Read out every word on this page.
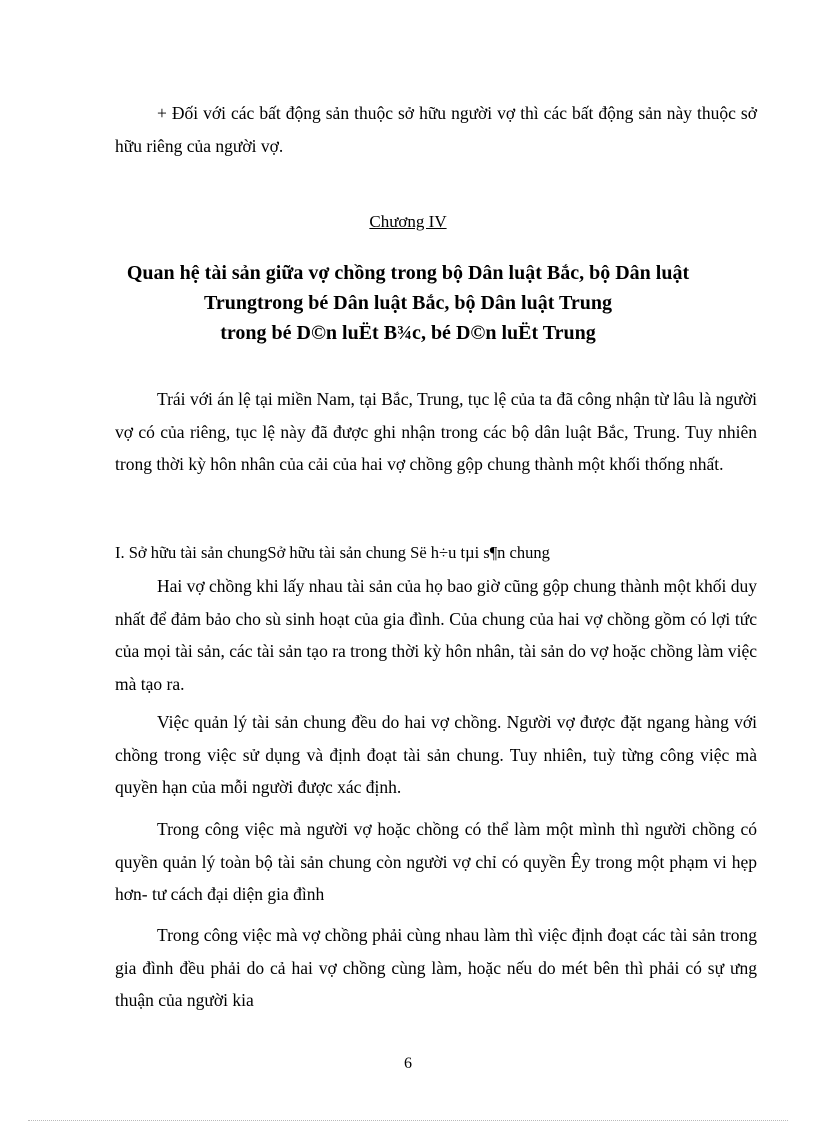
+ Đối với các bất động sản thuộc sở hữu người vợ thì các bất động sản này thuộc sở hữu riêng của người vợ.

Chương IV

Quan hệ tài sản giữa vợ chồng trong bộ Dân luật Bắc, bộ Dân luật
Trungtrong bé Dân luật Bắc, bộ Dân luật Trung
trong bé D©n luËt B¾c, bé D©n luËt Trung

Trái với án lệ tại miền Nam, tại Bắc, Trung, tục lệ của ta đã công nhận từ lâu là người vợ có của riêng, tục lệ này đã được ghi nhận trong các bộ dân luật Bắc, Trung. Tuy nhiên trong thời kỳ hôn nhân của cải của hai vợ chồng gộp chung thành một khối thống nhất.

I. Sở hữu tài sản chungSở hữu tài sản chung Së h÷u tµi s¶n chung

Hai vợ chồng khi lấy nhau tài sản của họ bao giờ cũng gộp chung thành một khối duy nhất để đảm bảo cho sù sinh hoạt của gia đình. Của chung của hai vợ chồng gồm có lợi tức của mọi tài sản, các tài sản tạo ra trong thời kỳ hôn nhân, tài sản do vợ hoặc chồng làm việc mà tạo ra.

Việc quản lý tài sản chung đều do hai vợ chồng. Người vợ được đặt ngang hàng với chồng trong việc sử dụng và định đoạt tài sản chung. Tuy nhiên, tuỳ từng công việc mà quyền hạn của mỗi người được xác định.

Trong công việc mà người vợ hoặc chồng có thể làm một mình thì người chồng có quyền quản lý toàn bộ tài sản chung còn người vợ chỉ có quyền Êy trong một phạm vi hẹp hơn- tư cách đại diện gia đình

Trong công việc mà vợ chồng phải cùng nhau làm thì việc định đoạt các tài sản trong gia đình đều phải do cả hai vợ chồng cùng làm, hoặc nếu do mét bên thì phải có sự ưng thuận của người kia

6
